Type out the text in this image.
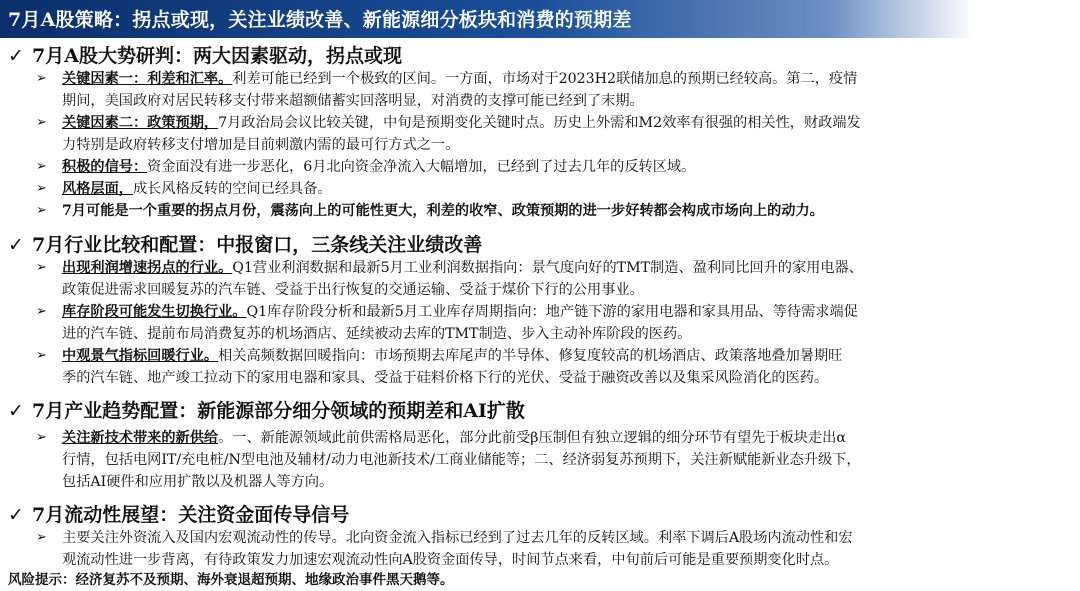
7月A股策略：拐点或现，关注业绩改善、新能源细分板块和消费的预期差
✓ 7月A股大势研判：两大因素驱动，拐点或现
➢	关键因素一：利差和汇率。利差可能已经到一个极致的区间。一方面，市场对于2023H2联储加息的预期已经较高。第二，疫情
期间，美国政府对居民转移支付带来超额储蓄实回落明显，对消费的支撑可能已经到了末期。
➢	关键因素二：政策预期，7月政治局会议比较关键，中旬是预期变化关键时点。历史上外需和M2效率有很强的相关性，财政端发
力特别是政府转移支付增加是目前刺激内需的最可行方式之一。
➢	积极的信号：资金面没有进一步恶化，6月北向资金净流入大幅增加，已经到了过去几年的反转区域。
➢	风格层面，成长风格反转的空间已经具备。
➢	7月可能是一个重要的拐点月份，震荡向上的可能性更大，利差的收窄、政策预期的进一步好转都会构成市场向上的动力。
✓ 7月行业比较和配置：中报窗口，三条线关注业绩改善
➢	出现利润增速拐点的行业。Q1营业利润数据和最新5月工业利润数据指向：景气度向好的TMT制造、盈利同比回升的家用电器、
政策促进需求回暖复苏的汽车链、受益于出行恢复的交通运输、受益于煤价下行的公用事业。
➢	库存阶段可能发生切换行业。Q1库存阶段分析和最新5月工业库存周期指向：地产链下游的家用电器和家具用品、等待需求端促
进的汽车链、提前布局消费复苏的机场酒店、延续被动去库的TMT制造、步入主动补库阶段的医药。
➢	中观景气指标回暖行业。相关高频数据回暖指向：市场预期去库尾声的半导体、修复度较高的机场酒店、政策落地叠加暑期旺
季的汽车链、地产竣工拉动下的家用电器和家具、受益于硅料价格下行的光伏、受益于融资改善以及集采风险消化的医药。
✓ 7月产业趋势配置：新能源部分细分领域的预期差和AI扩散
➢	关注新技术带来的新供给。一、新能源领域此前供需格局恶化，部分此前受β压制但有独立逻辑的细分环节有望先于板块走出α
行情，包括电网IT/充电桩/N型电池及辅材/动力电池新技术/工商业储能等；二、经济弱复苏预期下，关注新赋能新业态升级下，
包括AI硬件和应用扩散以及机器人等方向。
✓ 7月流动性展望：关注资金面传导信号
➢	主要关注外资流入及国内宏观流动性的传导。北向资金流入指标已经到了过去几年的反转区域。利率下调后A股场内流动性和宏
观流动性进一步背离，有待政策发力加速宏观流动性向A股资金面传导，时间节点来看，中旬前后可能是重要预期变化时点。
风险提示：经济复苏不及预期、海外衰退超预期、地缘政治事件黑天鹅等。
